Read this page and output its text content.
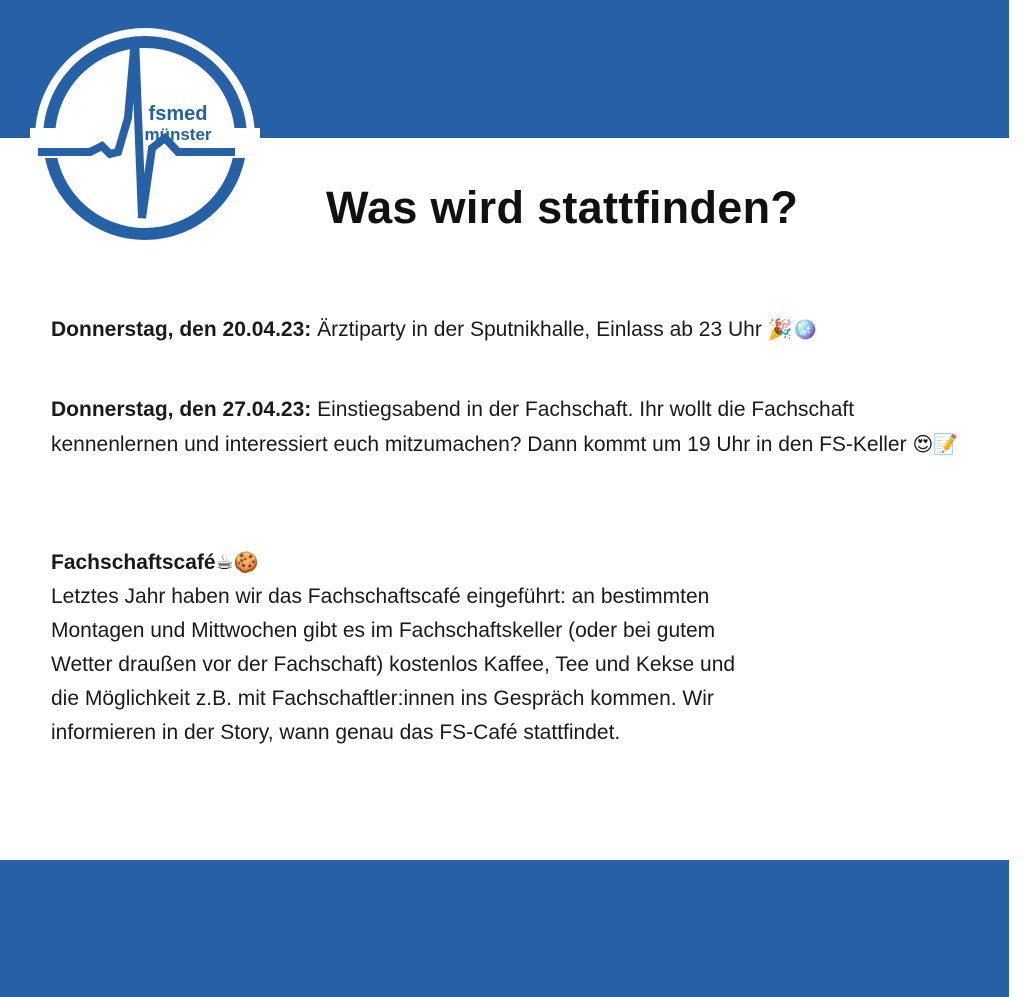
fsmed
münster
Was wird stattfinden?
Donnerstag, den 20.04.23: Ärztiparty in der Sputnikhalle, Einlass ab 23 Uhr 🎉🪩
Donnerstag, den 27.04.23: Einstiegsabend in der Fachschaft. Ihr wollt die Fachschaft kennenlernen und interessiert euch mitzumachen? Dann kommt um 19 Uhr in den FS-Keller 😍📝
Fachschaftscafé☕🍪
Letztes Jahr haben wir das Fachschaftscafé eingeführt: an bestimmten
Montagen und Mittwochen gibt es im Fachschaftskeller (oder bei gutem
Wetter draußen vor der Fachschaft) kostenlos Kaffee, Tee und Kekse und
die Möglichkeit z.B. mit Fachschaftler:innen ins Gespräch kommen. Wir
informieren in der Story, wann genau das FS-Café stattfindet.
